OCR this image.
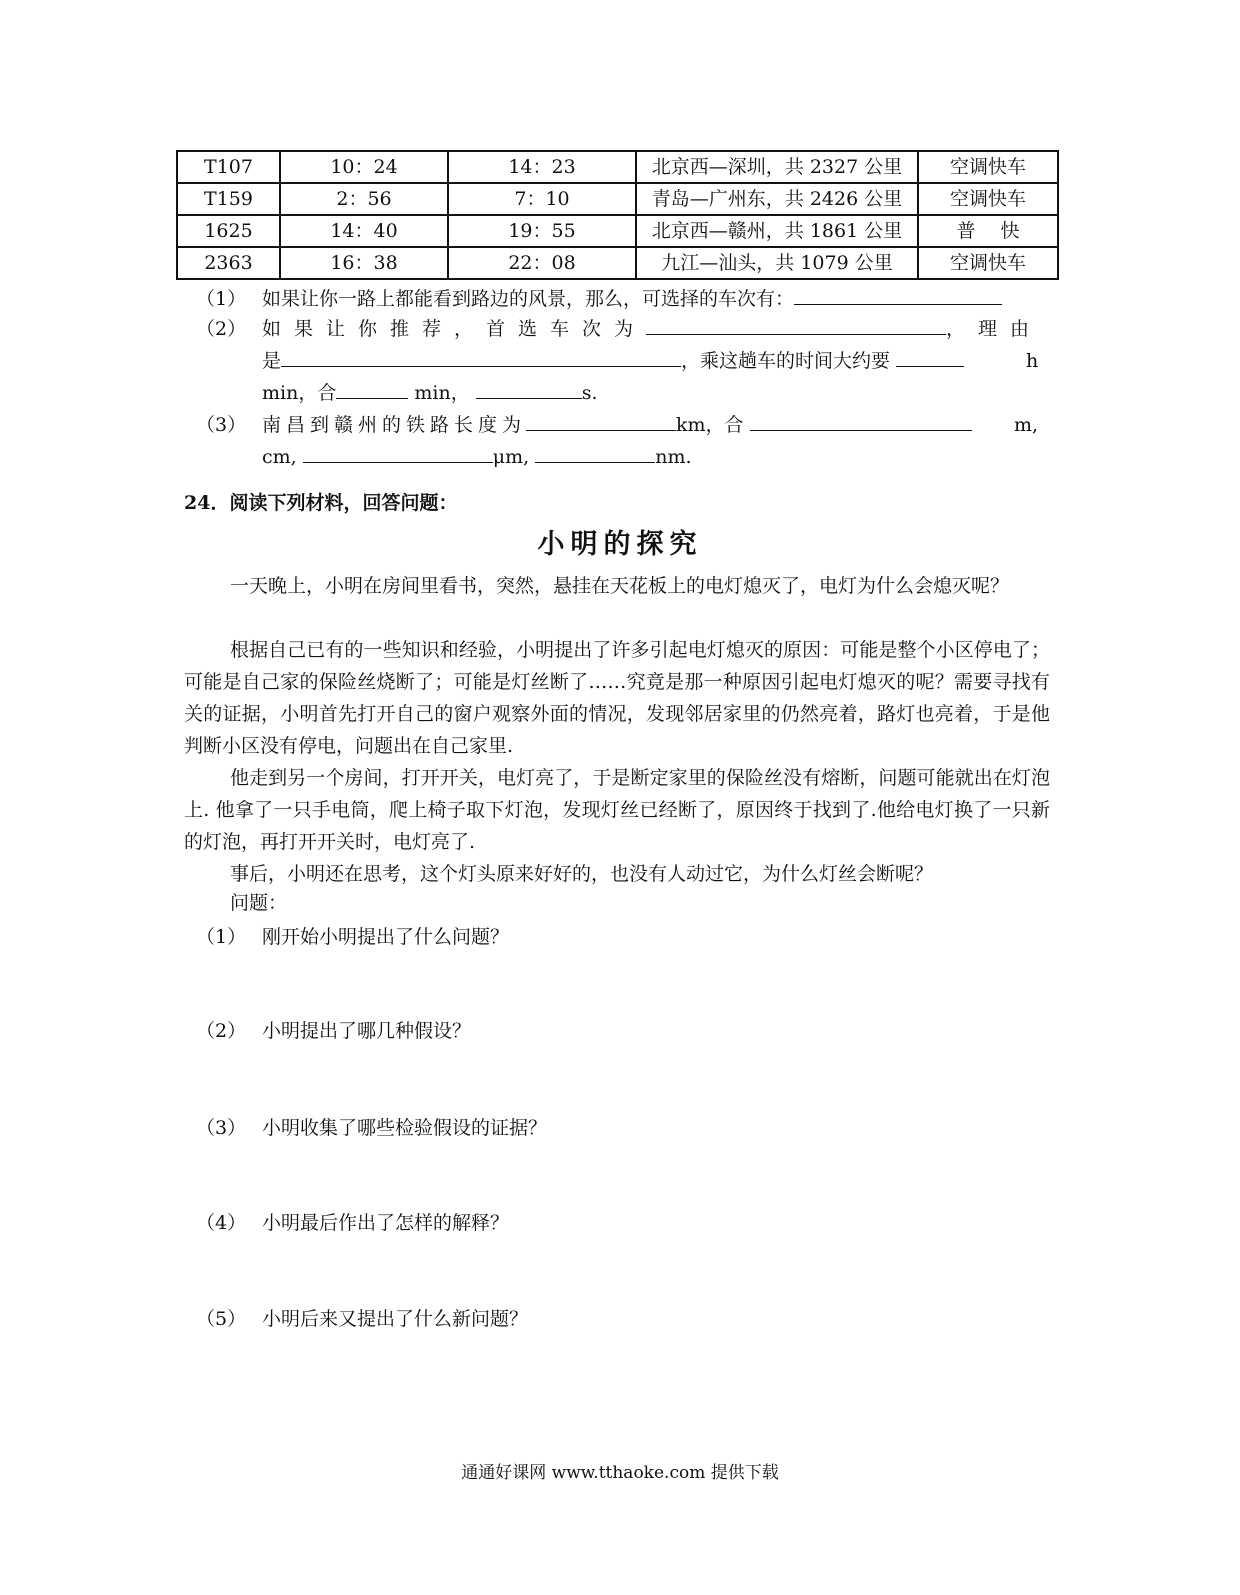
T107	10：24	14：23	北京西—深圳，共 2327 公里	空调快车
T159	2：56	7：10	青岛—广州东，共 2426 公里	空调快车
1625	14：40	19：55	北京西—赣州，共 1861 公里	普　 快
2363	16：38	22：08	九江—汕头，共 1079 公里	空调快车
（1） 如果让你一路上都能看到路边的风景，那么，可选择的车次有：
（2） 如果让你推荐，首选车次为	，理由
是	，乘这趟车的时间大约要	h
min，合	min，	s.
（3） 南昌到赣州的铁路长度为	km，合	m,
cm,	μm,	nm.
24．阅读下列材料，回答问题：
小明的探究
一天晚上，小明在房间里看书，突然，悬挂在天花板上的电灯熄灭了，电灯为什么会熄灭呢？
根据自己已有的一些知识和经验，小明提出了许多引起电灯熄灭的原因：可能是整个小区停电了；可能是自己家的保险丝烧断了；可能是灯丝断了……究竟是那一种原因引起电灯熄灭的呢？需要寻找有关的证据，小明首先打开自己的窗户观察外面的情况，发现邻居家里的仍然亮着，路灯也亮着，于是他判断小区没有停电，问题出在自己家里.
他走到另一个房间，打开开关，电灯亮了，于是断定家里的保险丝没有熔断，问题可能就出在灯泡上. 他拿了一只手电筒，爬上椅子取下灯泡，发现灯丝已经断了，原因终于找到了.他给电灯换了一只新的灯泡，再打开开关时，电灯亮了.
事后，小明还在思考，这个灯头原来好好的，也没有人动过它，为什么灯丝会断呢？
问题：
（1） 刚开始小明提出了什么问题？
（2） 小明提出了哪几种假设？
（3） 小明收集了哪些检验假设的证据？
（4） 小明最后作出了怎样的解释？
（5） 小明后来又提出了什么新问题？
通通好课网 www.tthaoke.com 提供下载
